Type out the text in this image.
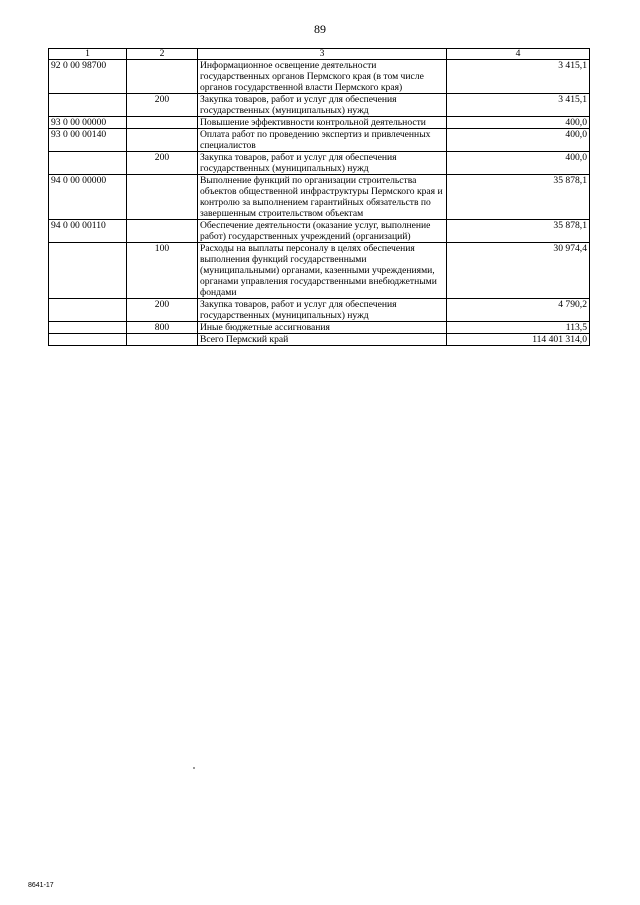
89
1	2	3	4
92 0 00 98700		Информационное освещение деятельности государственных органов Пермского края (в том числе органов государственной власти Пермского края)	3 415,1
	200	Закупка товаров, работ и услуг для обеспечения государственных (муниципальных) нужд	3 415,1
93 0 00 00000		Повышение эффективности контрольной деятельности	400,0
93 0 00 00140		Оплата работ по проведению экспертиз и привлеченных специалистов	400,0
	200	Закупка товаров, работ и услуг для обеспечения государственных (муниципальных) нужд	400,0
94 0 00 00000		Выполнение функций по организации строительства объектов общественной инфраструктуры Пермского края и контролю за выполнением гарантийных обязательств по завершенным строительством объектам	35 878,1
94 0 00 00110		Обеспечение деятельности (оказание услуг, выполнение работ) государственных учреждений (организаций)	35 878,1
	100	Расходы на выплаты персоналу в целях обеспечения выполнения функций государственными (муниципальными) органами, казенными учреждениями, органами управления государственными внебюджетными фондами	30 974,4
	200	Закупка товаров, работ и услуг для обеспечения государственных (муниципальных) нужд	4 790,2
	800	Иные бюджетные ассигнования	113,5
		Всего Пермский край	114 401 314,0
8641-17
